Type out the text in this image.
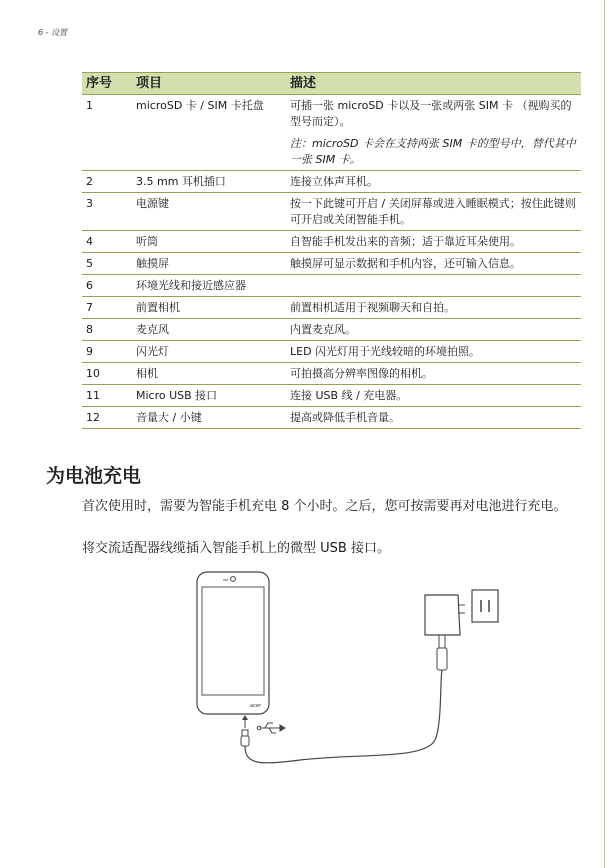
6 - 设置
序号	项目	描述
1	microSD 卡 / SIM 卡托盘	可插一张 microSD 卡以及一张或两张 SIM 卡 （视购买的型号而定）。
注：microSD 卡会在支持两张 SIM 卡的型号中，替代其中一张 SIM 卡。

2	3.5 mm 耳机插口	连接立体声耳机。
3	电源键	按一下此键可开启 / 关闭屏幕或进入睡眠模式；按住此键则可开启或关闭智能手机。
4	听筒	自智能手机发出来的音频；适于靠近耳朵使用。
5	触摸屏	触摸屏可显示数据和手机内容，还可输入信息。
6	环境光线和接近感应器	
7	前置相机	前置相机适用于视频聊天和自拍。
8	麦克风	内置麦克风。
9	闪光灯	LED 闪光灯用于光线较暗的环境拍照。
10	相机	可拍摄高分辨率图像的相机。
11	Micro USB 接口	连接 USB 线 / 充电器。
12	音量大 / 小键	提高或降低手机音量。
为电池充电

首次使用时，需要为智能手机充电 8 个小时。之后，您可按需要再对电池进行充电。

将交流适配器线缆插入智能手机上的微型 USB 接口。

acer
